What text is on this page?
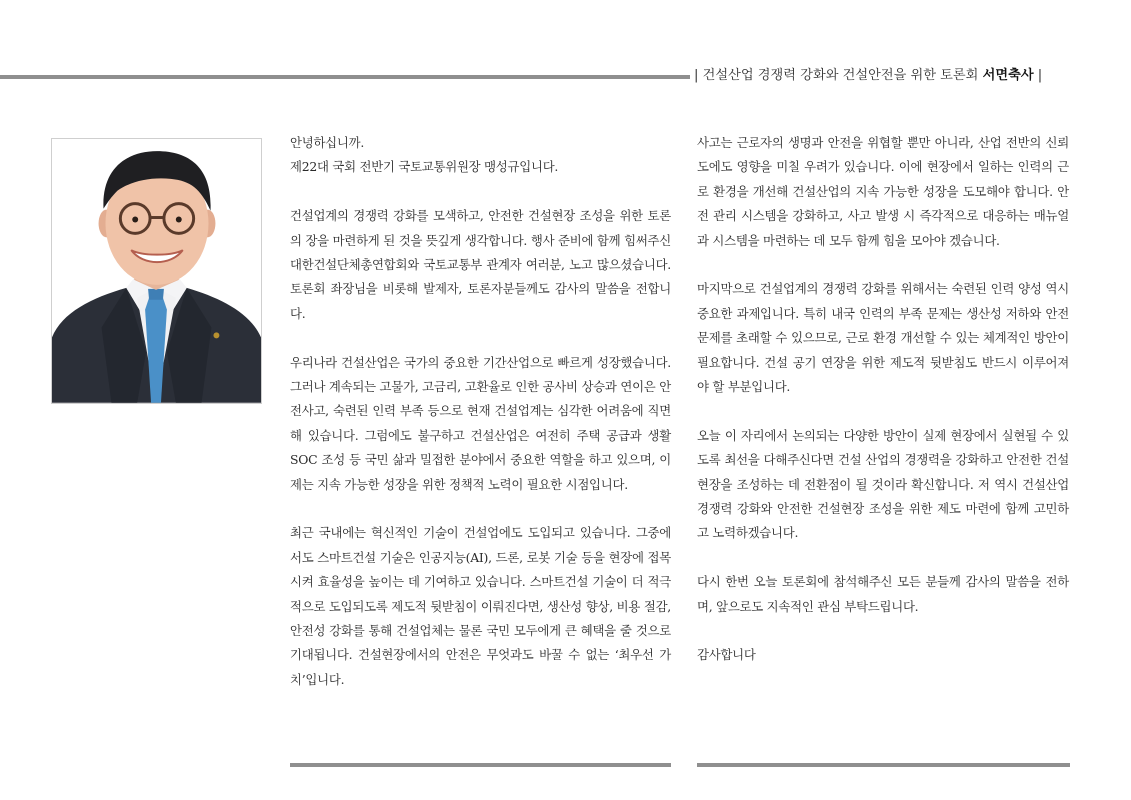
| 건설산업 경쟁력 강화와 건설안전을 위한 토론회 서면축사 |

안녕하십니까.

제22대 국회 전반기 국토교통위원장 맹성규입니다.

건설업계의 경쟁력 강화를 모색하고, 안전한 건설현장 조성을 위한 토론의 장을 마련하게 된 것을 뜻깊게 생각합니다. 행사 준비에 함께 힘써주신 대한건설단체총연합회와 국토교통부 관계자 여러분, 노고 많으셨습니다. 토론회 좌장님을 비롯해 발제자, 토론자분들께도 감사의 말씀을 전합니다.

우리나라 건설산업은 국가의 중요한 기간산업으로 빠르게 성장했습니다. 그러나 계속되는 고물가, 고금리, 고환율로 인한 공사비 상승과 연이은 안전사고, 숙련된 인력 부족 등으로 현재 건설업계는 심각한 어려움에 직면해 있습니다. 그럼에도 불구하고 건설산업은 여전히 주택 공급과 생활SOC 조성 등 국민 삶과 밀접한 분야에서 중요한 역할을 하고 있으며, 이제는 지속 가능한 성장을 위한 정책적 노력이 필요한 시점입니다.

최근 국내에는 혁신적인 기술이 건설업에도 도입되고 있습니다. 그중에서도 스마트건설 기술은 인공지능(AI), 드론, 로봇 기술 등을 현장에 접목시켜 효율성을 높이는 데 기여하고 있습니다. 스마트건설 기술이 더 적극적으로 도입되도록 제도적 뒷받침이 이뤄진다면, 생산성 향상, 비용 절감, 안전성 강화를 통해 건설업체는 물론 국민 모두에게 큰 혜택을 줄 것으로 기대됩니다. 건설현장에서의 안전은 무엇과도 바꿀 수 없는 ‘최우선 가치’입니다.

사고는 근로자의 생명과 안전을 위협할 뿐만 아니라, 산업 전반의 신뢰도에도 영향을 미칠 우려가 있습니다. 이에 현장에서 일하는 인력의 근로 환경을 개선해 건설산업의 지속 가능한 성장을 도모해야 합니다. 안전 관리 시스템을 강화하고, 사고 발생 시 즉각적으로 대응하는 매뉴얼과 시스템을 마련하는 데 모두 함께 힘을 모아야 겠습니다.

마지막으로 건설업계의 경쟁력 강화를 위해서는 숙련된 인력 양성 역시 중요한 과제입니다. 특히 내국 인력의 부족 문제는 생산성 저하와 안전 문제를 초래할 수 있으므로, 근로 환경 개선할 수 있는 체계적인 방안이 필요합니다. 건설 공기 연장을 위한 제도적 뒷받침도 반드시 이루어져야 할 부분입니다.

오늘 이 자리에서 논의되는 다양한 방안이 실제 현장에서 실현될 수 있도록 최선을 다해주신다면 건설 산업의 경쟁력을 강화하고 안전한 건설현장을 조성하는 데 전환점이 될 것이라 확신합니다. 저 역시 건설산업 경쟁력 강화와 안전한 건설현장 조성을 위한 제도 마련에 함께 고민하고 노력하겠습니다.

다시 한번 오늘 토론회에 참석해주신 모든 분들께 감사의 말씀을 전하며, 앞으로도 지속적인 관심 부탁드립니다.

감사합니다
